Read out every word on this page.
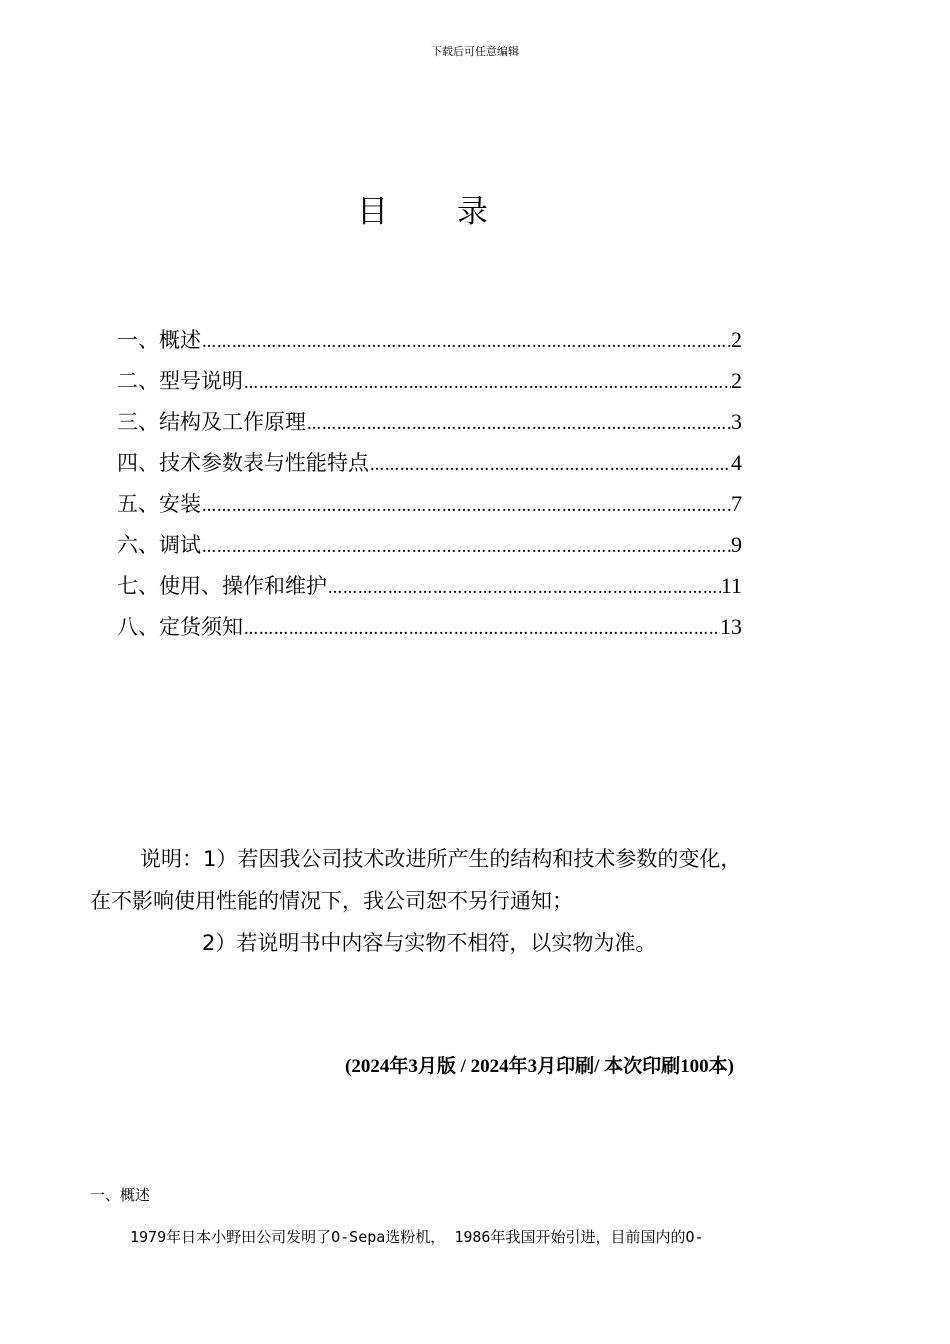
下载后可任意编辑
目 录
一、概述 ………………………………………………………………………………………………………………………………………………	2
二、型号说明 ………………………………………………………………………………………………………………………………………………	2
三、结构及工作原理 ………………………………………………………………………………………………………………………………………………	3
四、技术参数表与性能特点 ………………………………………………………………………………………………………………………………………………	4
五、安装 ………………………………………………………………………………………………………………………………………………	7
六、调试 ………………………………………………………………………………………………………………………………………………	9
七、使用、操作和维护 ………………………………………………………………………………………………………………………………………………	11
八、定货须知 ………………………………………………………………………………………………………………………………………………	13

说明：1）若因我公司技术改进所产生的结构和技术参数的变化，

在不影响使用性能的情况下，我公司恕不另行通知；

2）若说明书中内容与实物不相符，以实物为准。

(2024年3月版 / 2024年3月印刷/ 本次印刷100本)
一、概述
1979年日本小野田公司发明了O-Sepa选粉机， 1986年我国开始引进，目前国内的O-
